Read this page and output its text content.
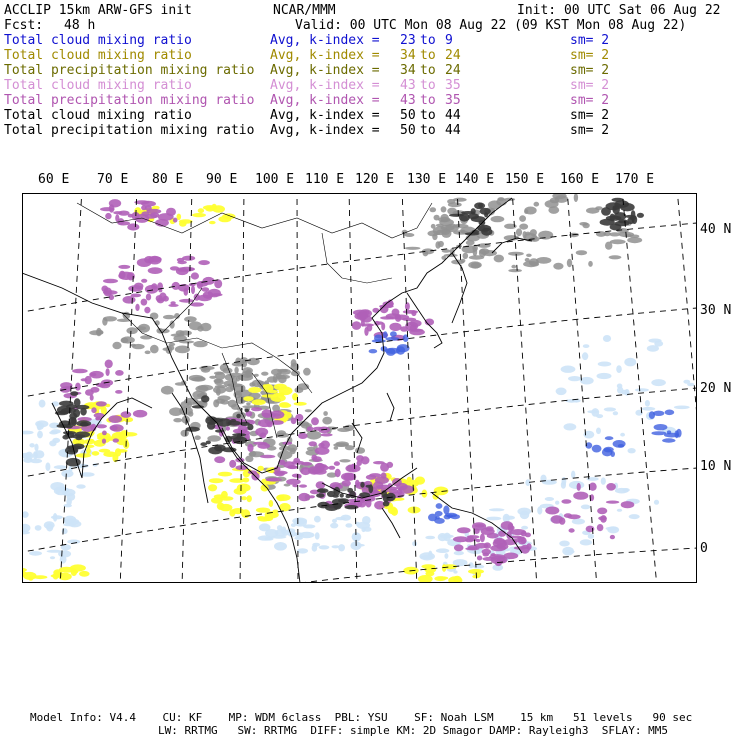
ACCLIP 15km ARW-GFS init	NCAR/MMM	Init: 00 UTC Sat 06 Aug 22
Fcst: 48 h	Valid: 00 UTC Mon 08 Aug 22 (09 KST Mon 08 Aug 22)
Total cloud mixing ratio	Avg, k-index = 23 to 9	sm= 2
Total cloud mixing ratio	Avg, k-index = 34 to 24	sm= 2
Total precipitation mixing ratio Avg, k-index = 34 to 24	sm= 2
Total cloud mixing ratio	Avg, k-index = 43 to 35	sm= 2
Total precipitation mixing ratio Avg, k-index = 43 to 35	sm= 2
Total cloud mixing ratio	Avg, k-index = 50 to 44	sm= 2
Total precipitation mixing ratio Avg, k-index = 50 to 44	sm= 2
60 E 70 E 80 E 90 E 100 E 110 E 120 E 130 E 140 E 150 E 160 E 170 E
40 N
30 N
20 N
10 N
0
Model Info: V4.4    CU: KF    MP: WDM 6class  PBL: YSU    SF: Noah LSM    15 km   51 levels   90 sec
LW: RRTMG   SW: RRTMG  DIFF: simple KM: 2D Smagor DAMP: Rayleigh3  SFLAY: MM5
